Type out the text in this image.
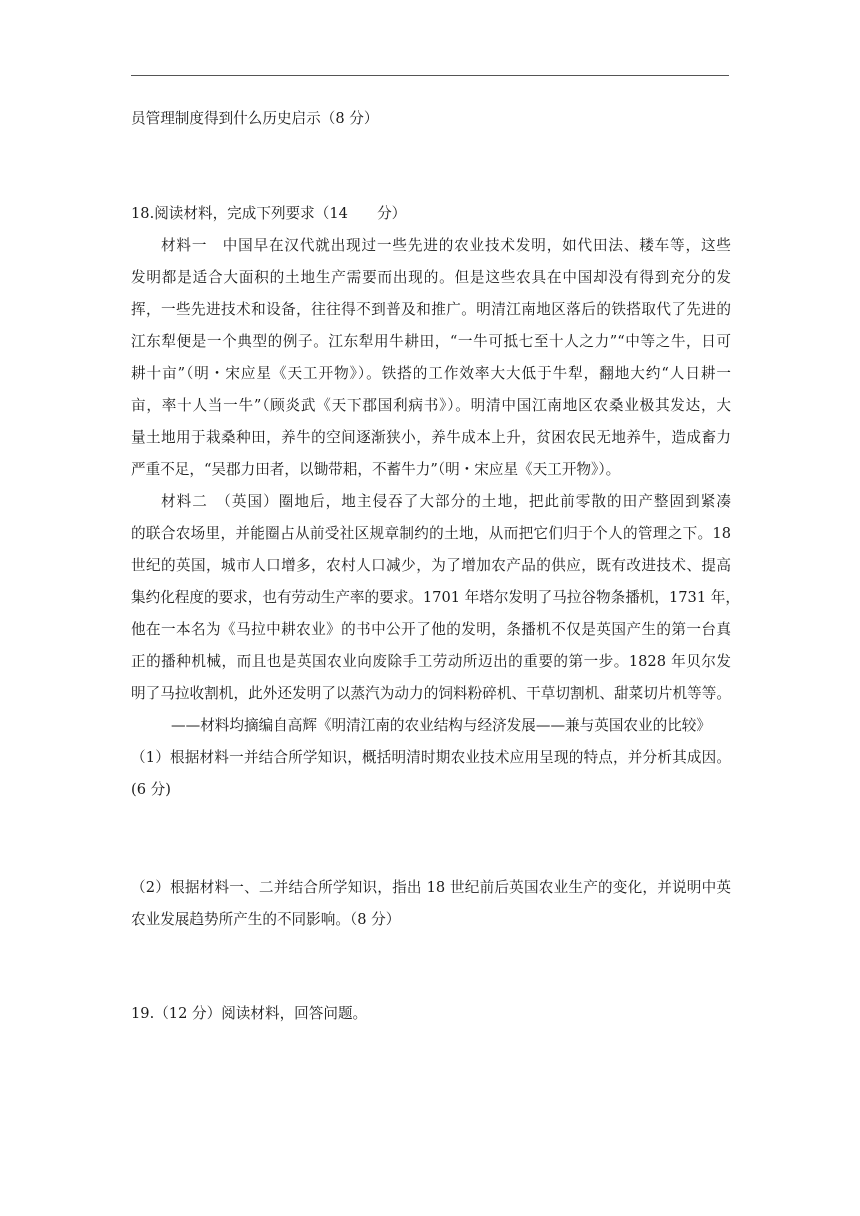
员管理制度得到什么历史启示（8 分）
18.阅读材料，完成下列要求（14　　分）
材料一　中国早在汉代就出现过一些先进的农业技术发明，如代田法、耧车等，这些
发明都是适合大面积的土地生产需要而出现的。但是这些农具在中国却没有得到充分的发
挥，一些先进技术和设备，往往得不到普及和推广。明清江南地区落后的铁搭取代了先进的
江东犁便是一个典型的例子。江东犁用牛耕田，“一牛可抵七至十人之力”“中等之牛，日可
耕十亩”（明・宋应星《天工开物》）。铁搭的工作效率大大低于牛犁，翻地大约“人日耕一
亩，率十人当一牛”（顾炎武《天下郡国利病书》）。明清中国江南地区农桑业极其发达，大
量土地用于栽桑种田，养牛的空间逐渐狭小，养牛成本上升，贫困农民无地养牛，造成畜力
严重不足，“吴郡力田者，以锄带耜，不蓄牛力”（明・宋应星《天工开物》）。
材料二　（英国）圈地后，地主侵吞了大部分的土地，把此前零散的田产整固到紧凑
的联合农场里，并能圈占从前受社区规章制约的土地，从而把它们归于个人的管理之下。18
世纪的英国，城市人口增多，农村人口减少，为了增加农产品的供应，既有改进技术、提高
集约化程度的要求，也有劳动生产率的要求。1701 年塔尔发明了马拉谷物条播机，1731 年，
他在一本名为《马拉中耕农业》的书中公开了他的发明，条播机不仅是英国产生的第一台真
正的播种机械，而且也是英国农业向废除手工劳动所迈出的重要的第一步。1828 年贝尔发
明了马拉收割机，此外还发明了以蒸汽为动力的饲料粉碎机、干草切割机、甜菜切片机等等。
——材料均摘编自高辉《明清江南的农业结构与经济发展——兼与英国农业的比较》
（1）根据材料一并结合所学知识，概括明清时期农业技术应用呈现的特点，并分析其成因。
(6 分)
（2）根据材料一、二并结合所学知识，指出 18 世纪前后英国农业生产的变化，并说明中英
农业发展趋势所产生的不同影响。（8 分）
19.（12 分）阅读材料，回答问题。
